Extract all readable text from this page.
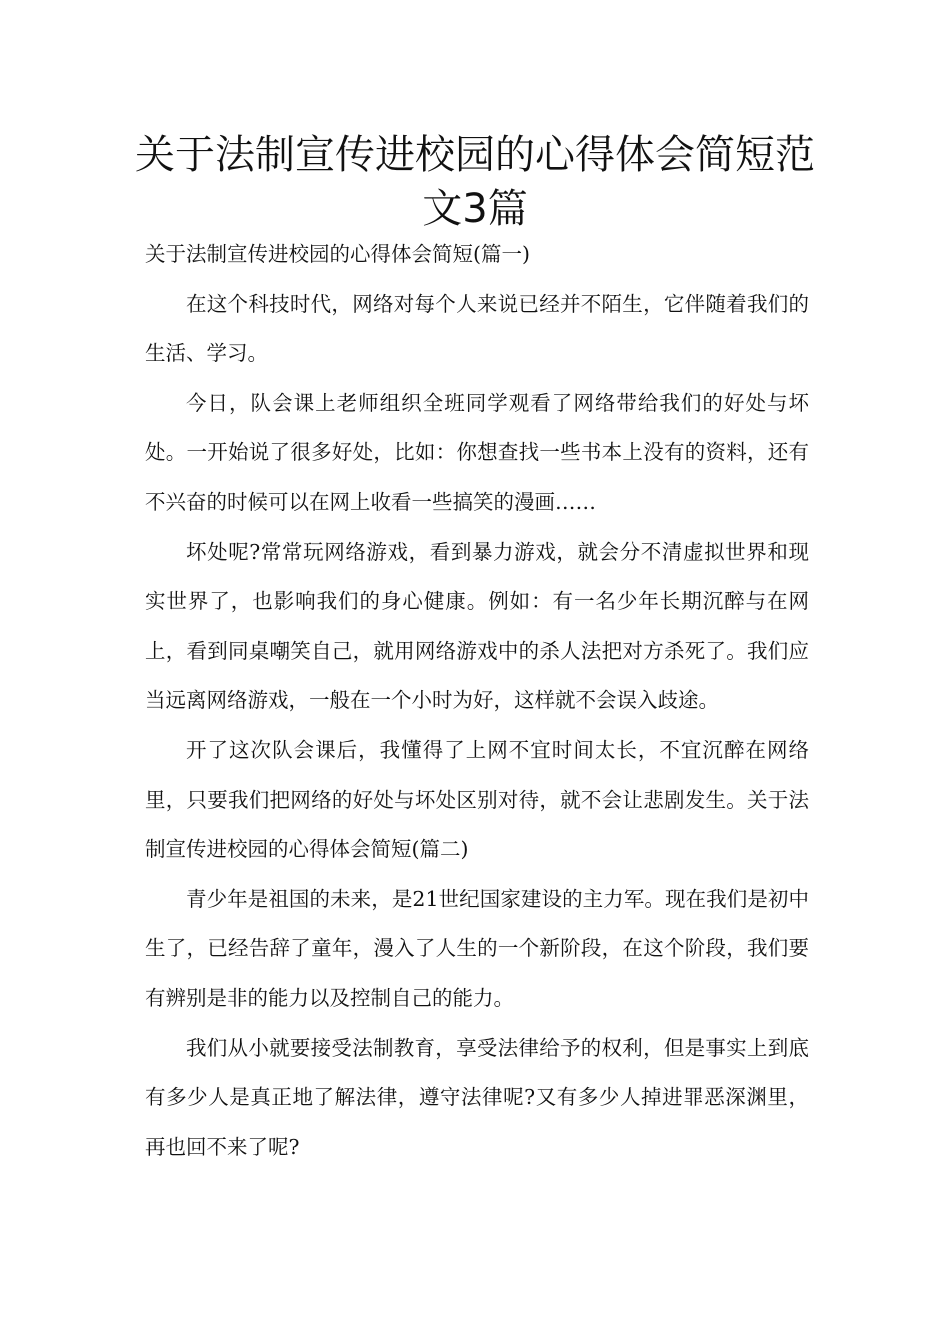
关于法制宣传进校园的心得体会简短范文3篇

关于法制宣传进校园的心得体会简短(篇一)

在这个科技时代，网络对每个人来说已经并不陌生，它伴随着我们的生活、学习。

今日，队会课上老师组织全班同学观看了网络带给我们的好处与坏处。一开始说了很多好处，比如：你想查找一些书本上没有的资料，还有不兴奋的时候可以在网上收看一些搞笑的漫画……

坏处呢?常常玩网络游戏，看到暴力游戏，就会分不清虚拟世界和现实世界了，也影响我们的身心健康。例如：有一名少年长期沉醉与在网上，看到同桌嘲笑自己，就用网络游戏中的杀人法把对方杀死了。我们应当远离网络游戏，一般在一个小时为好，这样就不会误入歧途。

开了这次队会课后，我懂得了上网不宜时间太长，不宜沉醉在网络里，只要我们把网络的好处与坏处区别对待，就不会让悲剧发生。关于法制宣传进校园的心得体会简短(篇二)

青少年是祖国的未来，是21世纪国家建设的主力军。现在我们是初中生了，已经告辞了童年，漫入了人生的一个新阶段，在这个阶段，我们要有辨别是非的能力以及控制自己的能力。

我们从小就要接受法制教育，享受法律给予的权利，但是事实上到底有多少人是真正地了解法律，遵守法律呢?又有多少人掉进罪恶深渊里，再也回不来了呢?
